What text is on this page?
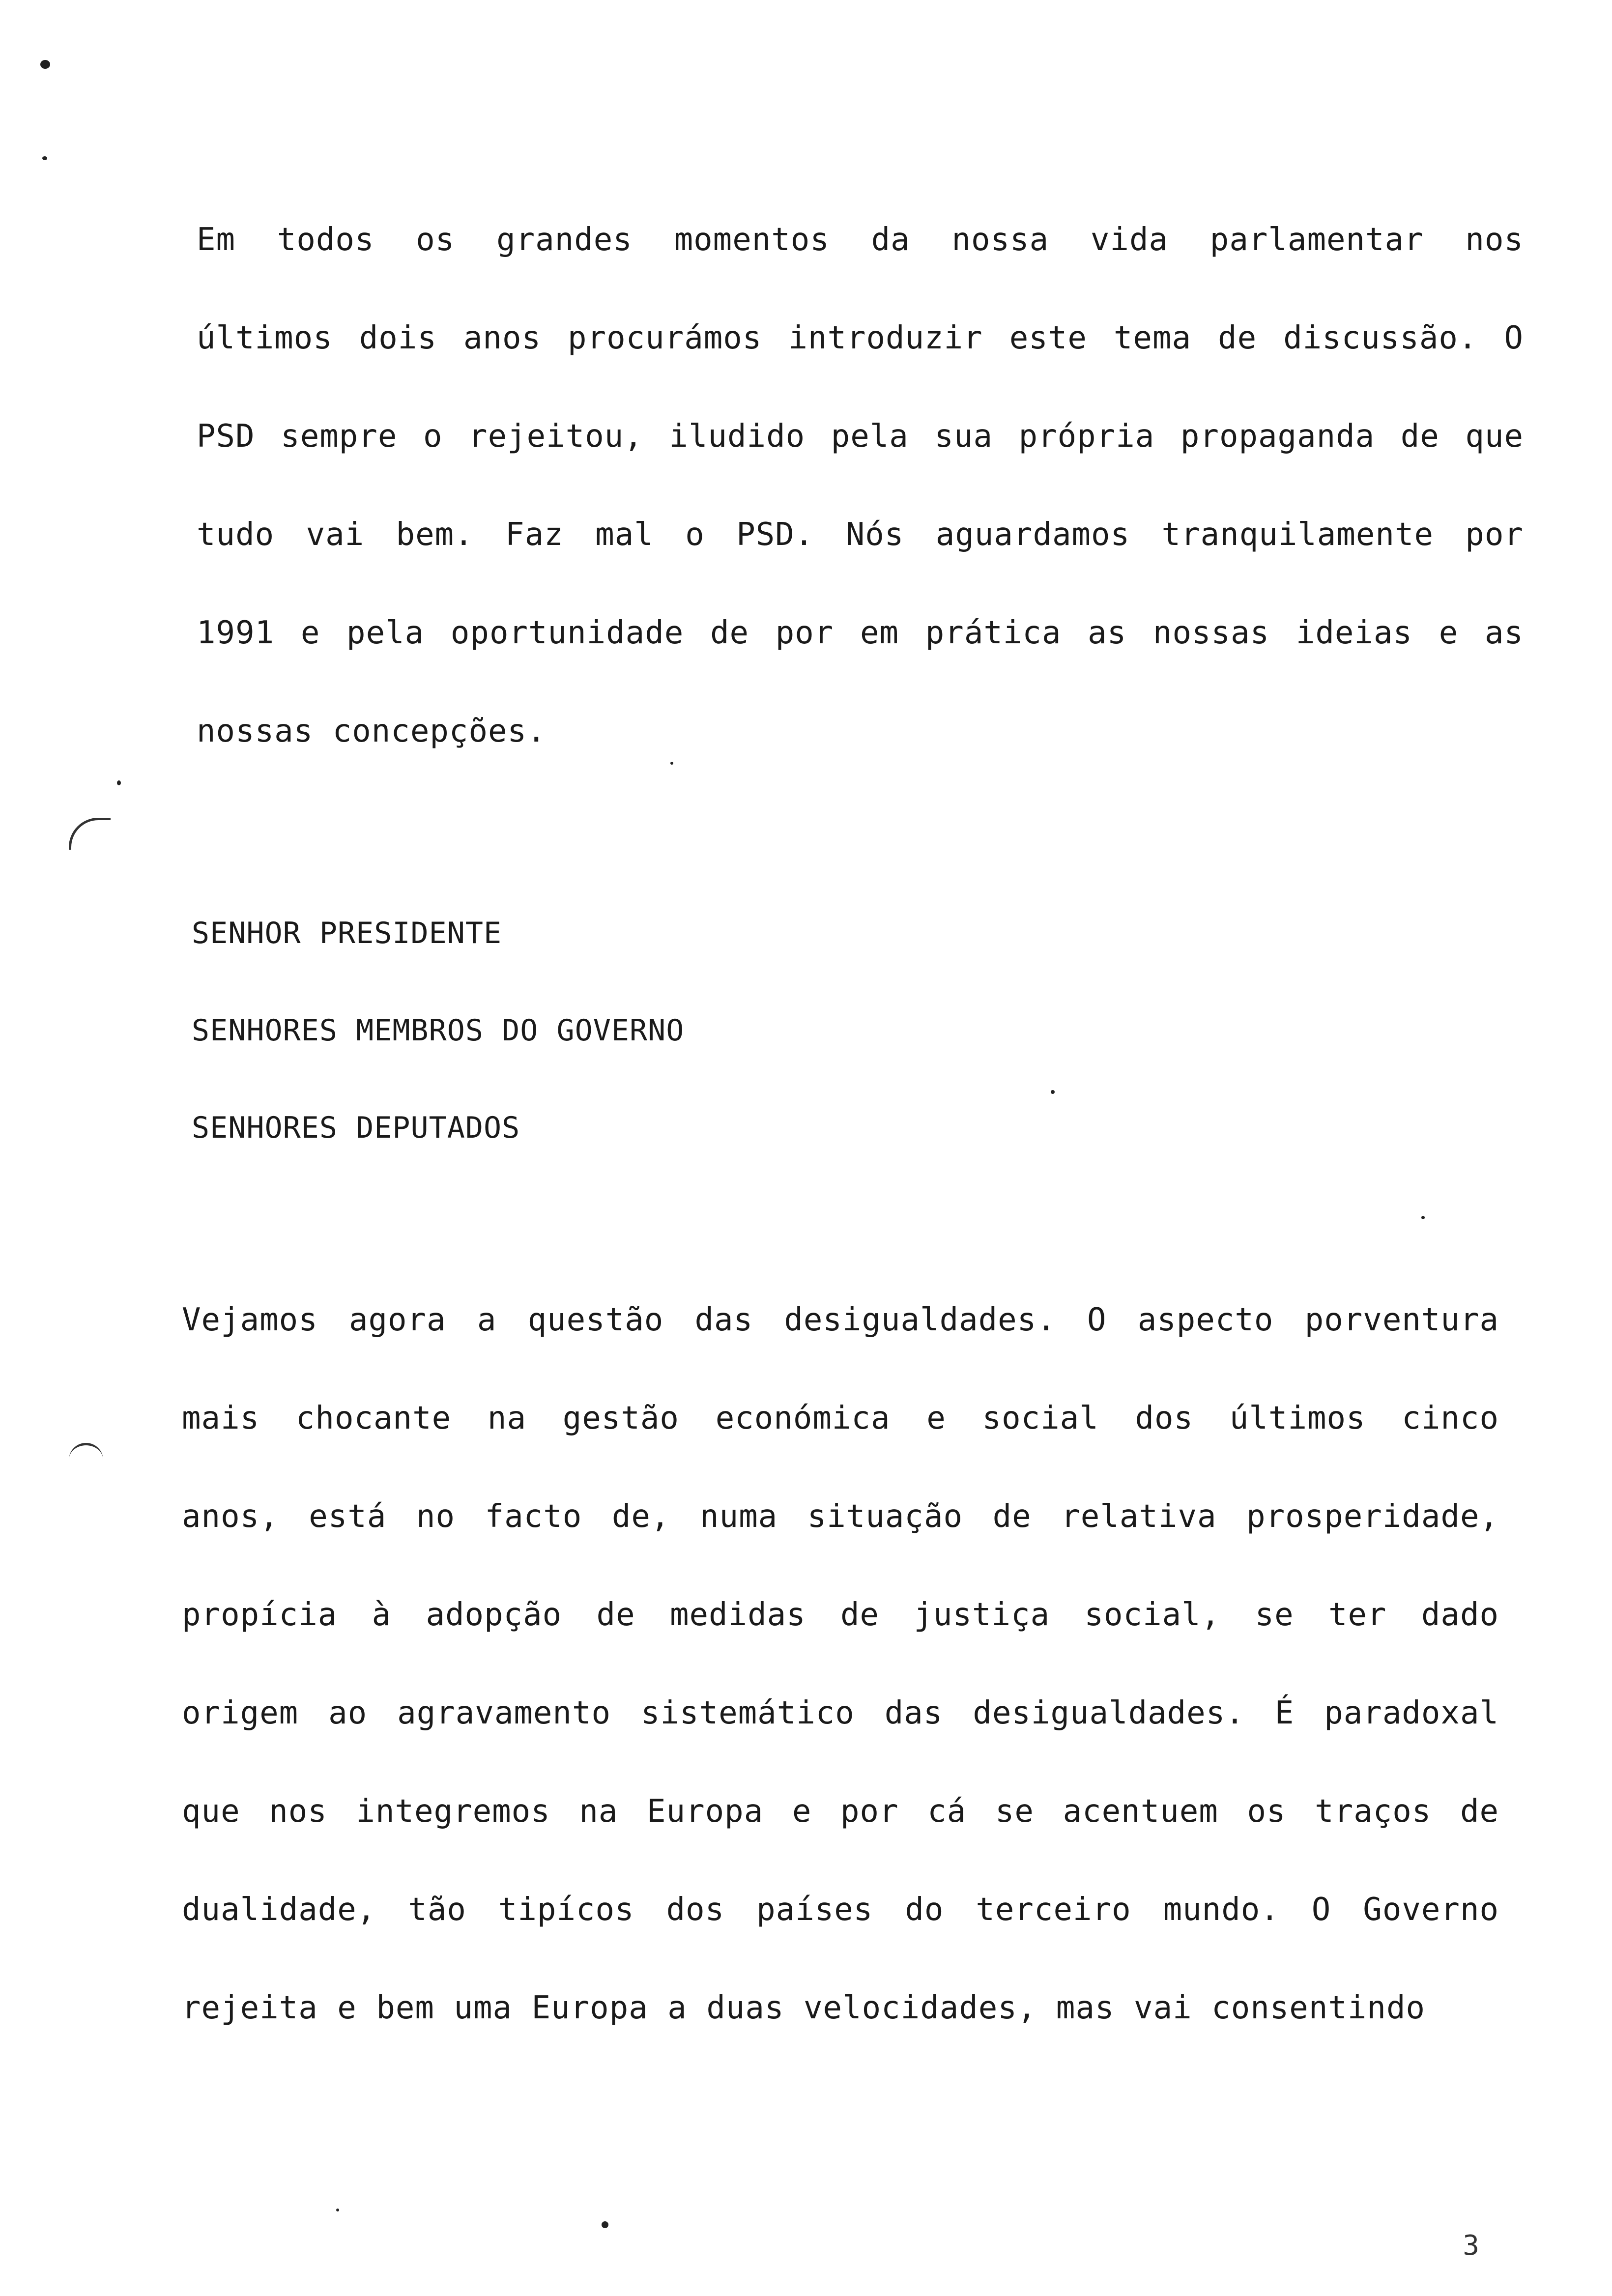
Em todos os grandes momentos da nossa vida parlamentar nos
últimos dois anos procurámos introduzir este tema de discussão. O
PSD sempre o rejeitou, iludido pela sua própria propaganda de que
tudo vai bem. Faz mal o PSD. Nós aguardamos tranquilamente por
1991 e pela oportunidade de por em prática as nossas ideias e as
nossas concepções.
SENHOR PRESIDENTE
SENHORES MEMBROS DO GOVERNO
SENHORES DEPUTADOS
Vejamos agora a questão das desigualdades. O aspecto porventura
mais chocante na gestão económica e social dos últimos cinco
anos, está no facto de, numa situação de relativa prosperidade,
propícia à adopção de medidas de justiça social, se ter dado
origem ao agravamento sistemático das desigualdades. É paradoxal
que nos integremos na Europa e por cá se acentuem os traços de
dualidade, tão tipícos dos países do terceiro mundo. O Governo
rejeita e bem uma Europa a duas velocidades, mas vai consentindo
3
